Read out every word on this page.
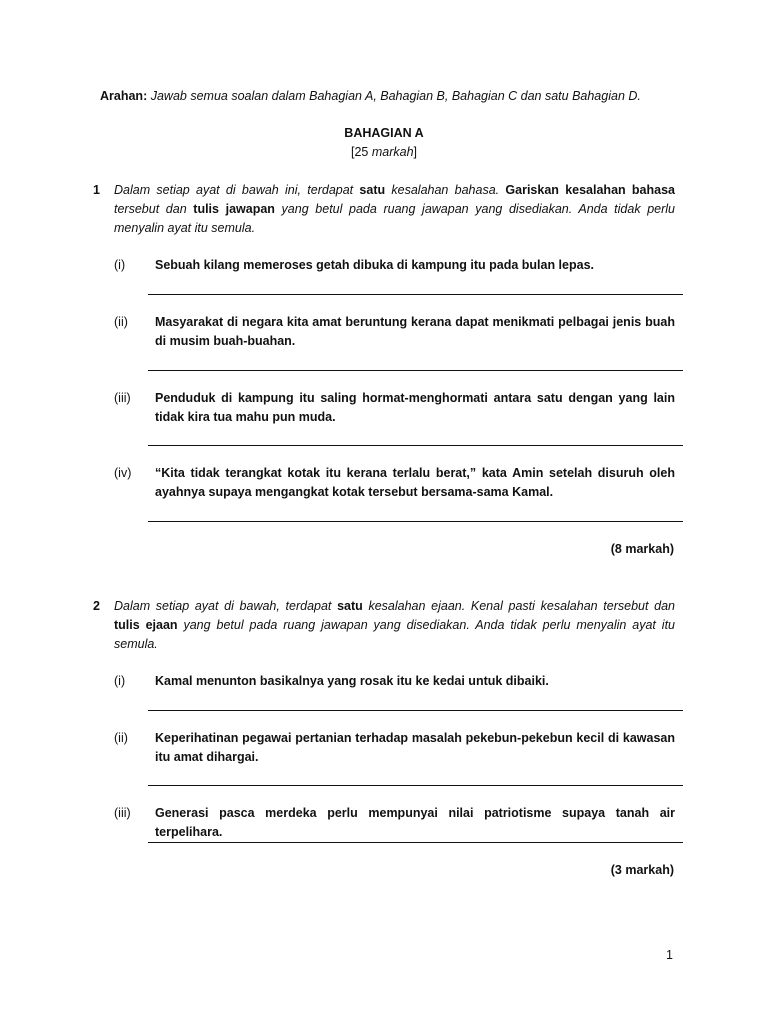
Arahan: Jawab semua soalan dalam Bahagian A, Bahagian B, Bahagian C dan satu Bahagian D.
BAHAGIAN A
[25 markah]
1 Dalam setiap ayat di bawah ini, terdapat satu kesalahan bahasa. Gariskan kesalahan bahasa tersebut dan tulis jawapan yang betul pada ruang jawapan yang disediakan. Anda tidak perlu menyalin ayat itu semula.
(i) Sebuah kilang memeroses getah dibuka di kampung itu pada bulan lepas.
(ii) Masyarakat di negara kita amat beruntung kerana dapat menikmati pelbagai jenis buah di musim buah-buahan.
(iii) Penduduk di kampung itu saling hormat-menghormati antara satu dengan yang lain tidak kira tua mahu pun muda.
(iv) “Kita tidak terangkat kotak itu kerana terlalu berat,” kata Amin setelah disuruh oleh ayahnya supaya mengangkat kotak tersebut bersama-sama Kamal.
(8 markah)
2 Dalam setiap ayat di bawah, terdapat satu kesalahan ejaan. Kenal pasti kesalahan tersebut dan tulis ejaan yang betul pada ruang jawapan yang disediakan. Anda tidak perlu menyalin ayat itu semula.
(i) Kamal menunton basikalnya yang rosak itu ke kedai untuk dibaiki.
(ii) Keperihatinan pegawai pertanian terhadap masalah pekebun-pekebun kecil di kawasan itu amat dihargai.
(iii) Generasi pasca merdeka perlu mempunyai nilai patriotisme supaya tanah air terpelihara.
(3 markah)
1
